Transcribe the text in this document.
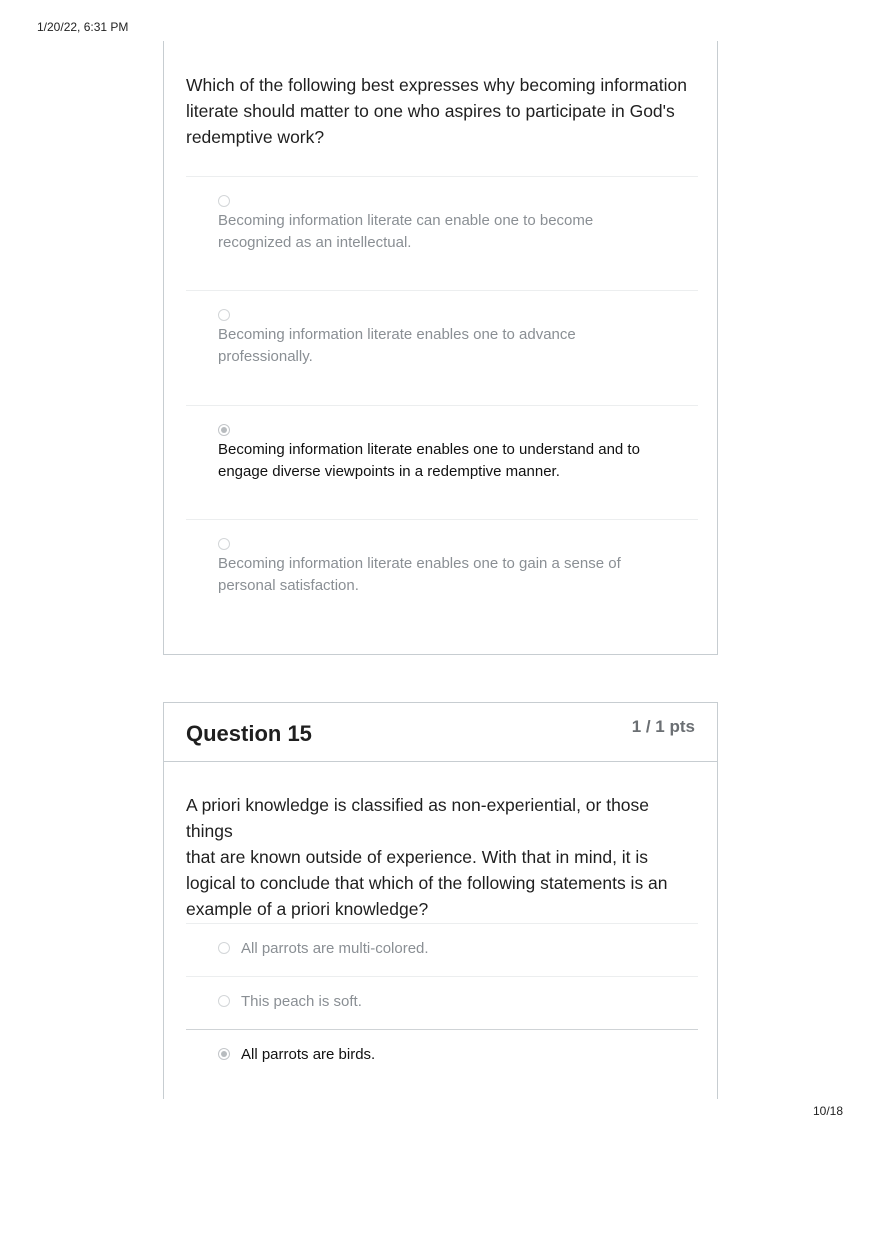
1/20/22, 6:31 PM
Which of the following best expresses why becoming information
literate should matter to one who aspires to participate in God's
redemptive work?
Becoming information literate can enable one to become
recognized as an intellectual.
Becoming information literate enables one to advance
professionally.
Becoming information literate enables one to understand and to
engage diverse viewpoints in a redemptive manner.
Becoming information literate enables one to gain a sense of
personal satisfaction.
Question 15	1 / 1 pts
A priori knowledge is classified as non-experiential, or those things
that are known outside of experience. With that in mind, it is
logical to conclude that which of the following statements is an
example of a priori knowledge?
All parrots are multi-colored.
This peach is soft.
All parrots are birds.
10/18
